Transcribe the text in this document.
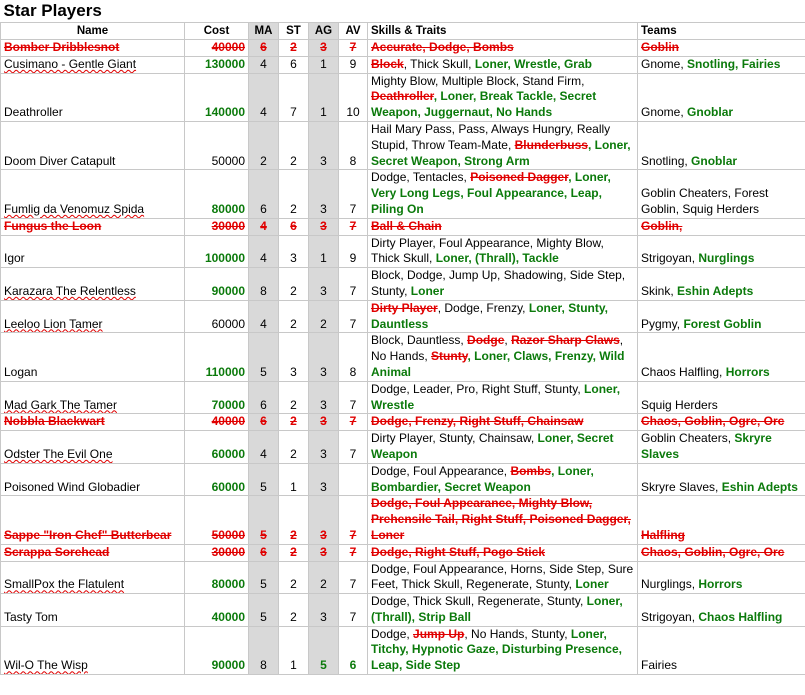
Star Players							
Name	Cost	MA	ST	AG	AV	Skills & Traits	Teams
Bomber Dribblesnot	40000	6	2	3	7	Accurate, Dodge, Bombs	Goblin
Cusimano - Gentle Giant	130000	4	6	1	9	Block, Thick Skull, Loner, Wrestle, Grab	Gnome, Snotling, Fairies
Deathroller	140000	4	7	1	10	Mighty Blow, Multiple Block, Stand Firm,
Deathroller, Loner, Break Tackle, Secret Weapon, Juggernaut, No Hands	Gnome, Gnoblar
Doom Diver Catapult	50000	2	2	3	8	Hail Mary Pass, Pass, Always Hungry, Really Stupid, Throw Team-Mate, Blunderbuss, Loner, Secret Weapon, Strong Arm	Snotling, Gnoblar
Fumlig da Venomuz Spida	80000	6	2	3	7	Dodge, Tentacles, Poisoned Dagger, Loner, Very Long Legs, Foul Appearance, Leap, Piling On	Goblin Cheaters, Forest Goblin, Squig Herders
Fungus the Loon	30000	4	6	3	7	Ball & Chain	Goblin,
Igor	100000	4	3	1	9	Dirty Player, Foul Appearance, Mighty Blow, Thick Skull, Loner, (Thrall), Tackle	Strigoyan, Nurglings
Karazara The Relentless	90000	8	2	3	7	Block, Dodge, Jump Up, Shadowing, Side Step, Stunty, Loner	Skink, Eshin Adepts
Leeloo Lion Tamer	60000	4	2	2	7	Dirty Player, Dodge, Frenzy, Loner, Stunty, Dauntless	Pygmy, Forest Goblin
Logan	110000	5	3	3	8	Block, Dauntless, Dodge, Razor Sharp Claws, No Hands, Stunty, Loner, Claws, Frenzy, Wild Animal	Chaos Halfling, Horrors
Mad Gark The Tamer	70000	6	2	3	7	Dodge, Leader, Pro, Right Stuff, Stunty, Loner, Wrestle	Squig Herders
Nobbla Blackwart	40000	6	2	3	7	Dodge, Frenzy, Right Stuff, Chainsaw	Chaos, Goblin, Ogre, Orc
Odster The Evil One	60000	4	2	3	7	Dirty Player, Stunty, Chainsaw, Loner, Secret Weapon	Goblin Cheaters, Skryre Slaves
Poisoned Wind Globadier	60000	5	1	3		Dodge, Foul Appearance, Bombs, Loner, Bombardier, Secret Weapon	Skryre Slaves, Eshin Adepts
Sappe "Iron Chef" Butterbear	50000	5	2	3	7	Dodge, Foul Appearance, Mighty Blow, Prehensile Tail, Right Stuff, Poisoned Dagger, Loner	Halfling
Scrappa Sorehead	30000	6	2	3	7	Dodge, Right Stuff, Pogo Stick	Chaos, Goblin, Ogre, Orc
SmallPox the Flatulent	80000	5	2	2	7	Dodge, Foul Appearance, Horns, Side Step, Sure Feet, Thick Skull, Regenerate, Stunty, Loner	Nurglings, Horrors
Tasty Tom	40000	5	2	3	7	Dodge, Thick Skull, Regenerate, Stunty, Loner, (Thrall), Strip Ball	Strigoyan, Chaos Halfling
Wil-O The Wisp	90000	8	1	5	6	Dodge, Jump Up, No Hands, Stunty, Loner, Titchy, Hypnotic Gaze, Disturbing Presence, Leap, Side Step	Fairies
